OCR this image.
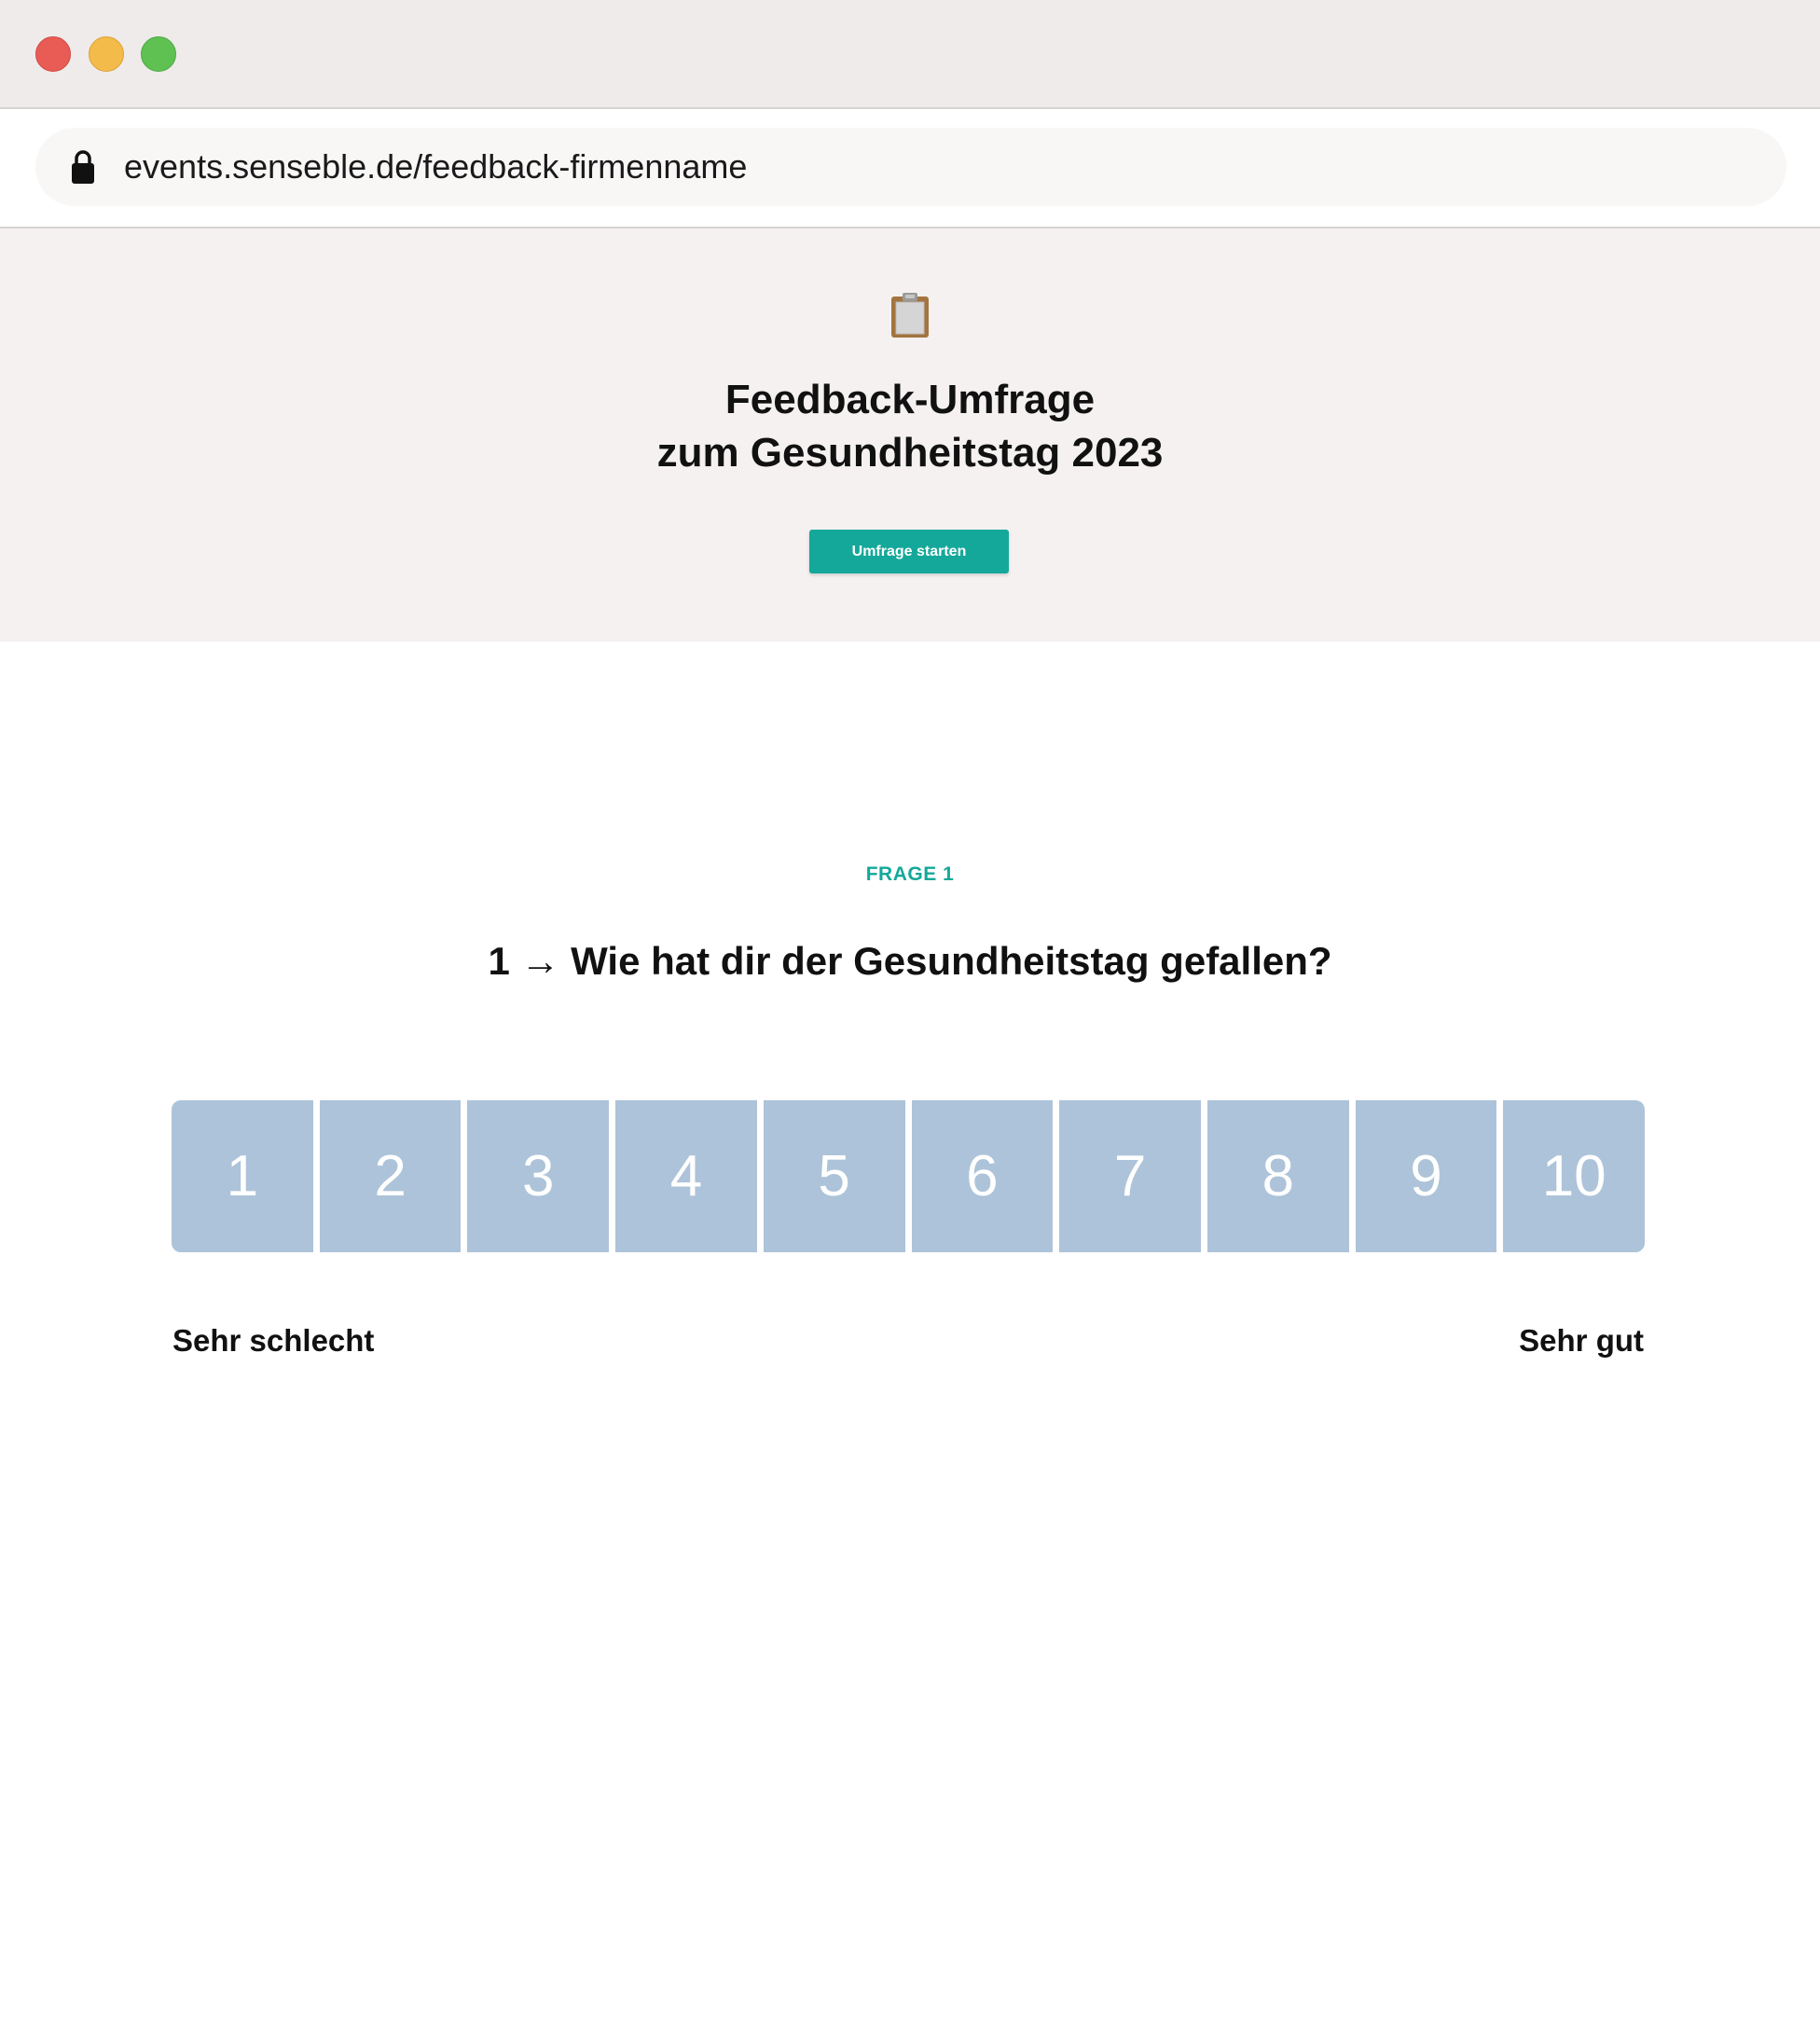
events.senseble.de/feedback-firmenname
Feedback-Umfrage
zum Gesundheitstag 2023
Umfrage starten
FRAGE 1
1 → Wie hat dir der Gesundheitstag gefallen?
1	2	3	4	5	6	7	8	9	10
Sehr schlecht	Sehr gut
